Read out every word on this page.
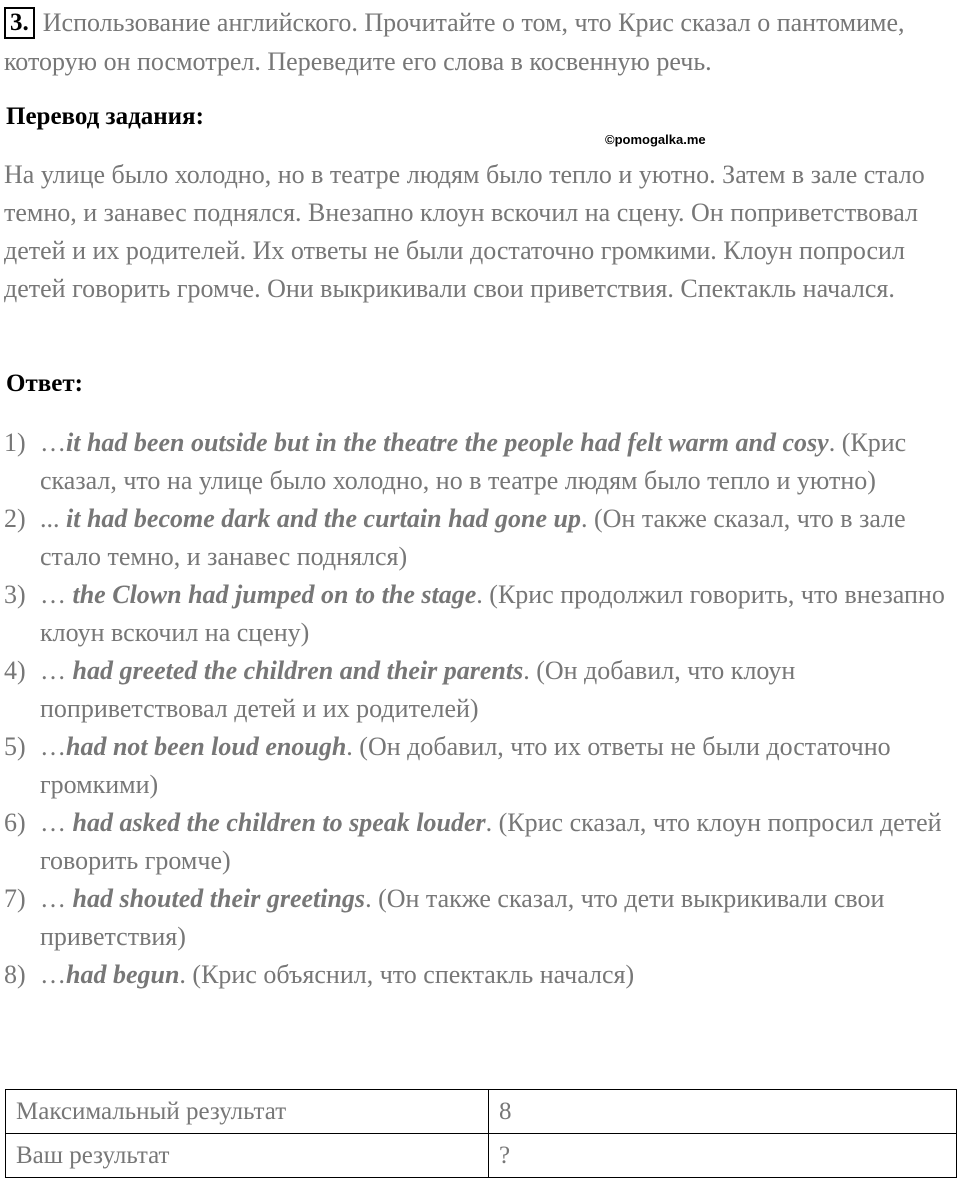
3. Использование английского. Прочитайте о том, что Крис сказал о пантомиме, которую он посмотрел. Переведите его слова в косвенную речь.
Перевод задания:
©pomogalka.me
На улице было холодно, но в театре людям было тепло и уютно. Затем в зале стало темно, и занавес поднялся. Внезапно клоун вскочил на сцену. Он поприветствовал детей и их родителей. Их ответы не были достаточно громкими. Клоун попросил детей говорить громче. Они выкрикивали свои приветствия. Спектакль начался.
Ответ:
1) …it had been outside but in the theatre the people had felt warm and cosy. (Крис сказал, что на улице было холодно, но в театре людям было тепло и уютно)
2) ... it had become dark and the curtain had gone up. (Он также сказал, что в зале стало темно, и занавес поднялся)
3) … the Clown had jumped on to the stage. (Крис продолжил говорить, что внезапно клоун вскочил на сцену)
4) … had greeted the children and their parents. (Он добавил, что клоун поприветствовал детей и их родителей)
5) …had not been loud enough. (Он добавил, что их ответы не были достаточно громкими)
6) … had asked the children to speak louder. (Крис сказал, что клоун попросил детей говорить громче)
7) … had shouted their greetings. (Он также сказал, что дети выкрикивали свои приветствия)
8) …had begun. (Крис объяснил, что спектакль начался)
Максимальный результат	8
Ваш результат	?
